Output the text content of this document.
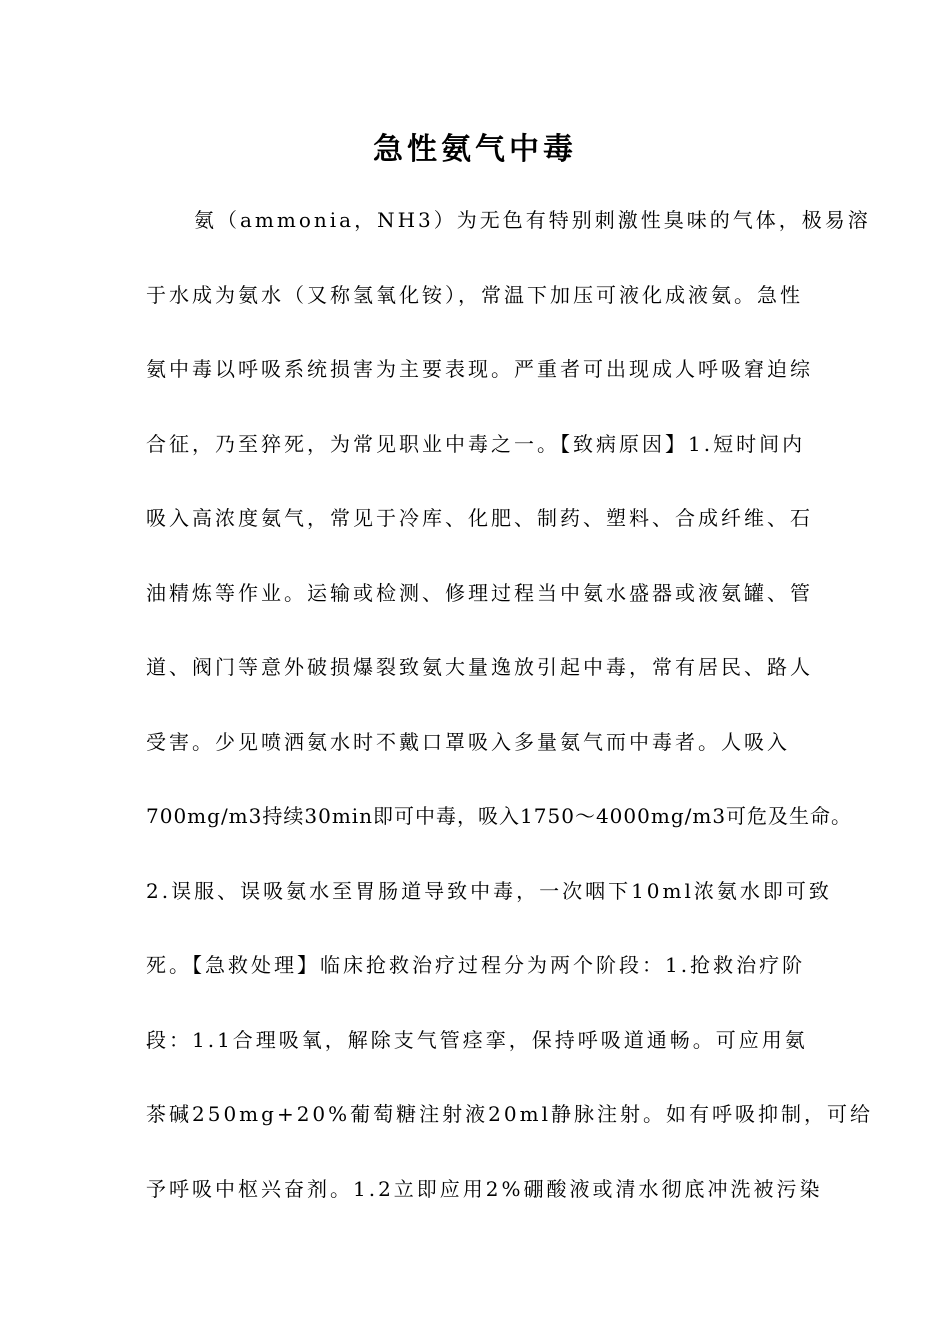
急性氨气中毒
氨（ammonia，NH3）为无色有特别刺激性臭味的气体，极易溶
于水成为氨水（又称氢氧化铵），常温下加压可液化成液氨。急性
氨中毒以呼吸系统损害为主要表现。严重者可出现成人呼吸窘迫综
合征，乃至猝死，为常见职业中毒之一。【致病原因】1.短时间内
吸入高浓度氨气，常见于冷库、化肥、制药、塑料、合成纤维、石
油精炼等作业。运输或检测、修理过程当中氨水盛器或液氨罐、管
道、阀门等意外破损爆裂致氨大量逸放引起中毒，常有居民、路人
受害。少见喷洒氨水时不戴口罩吸入多量氨气而中毒者。人吸入
700mg/m3持续30min即可中毒，吸入1750～4000mg/m3可危及生命。
2.误服、误吸氨水至胃肠道导致中毒，一次咽下10ml浓氨水即可致
死。【急救处理】临床抢救治疗过程分为两个阶段：1.抢救治疗阶
段：1.1合理吸氧，解除支气管痉挛，保持呼吸道通畅。可应用氨
茶碱250mg+20%葡萄糖注射液20ml静脉注射。如有呼吸抑制，可给
予呼吸中枢兴奋剂。1.2立即应用2%硼酸液或清水彻底冲洗被污染
